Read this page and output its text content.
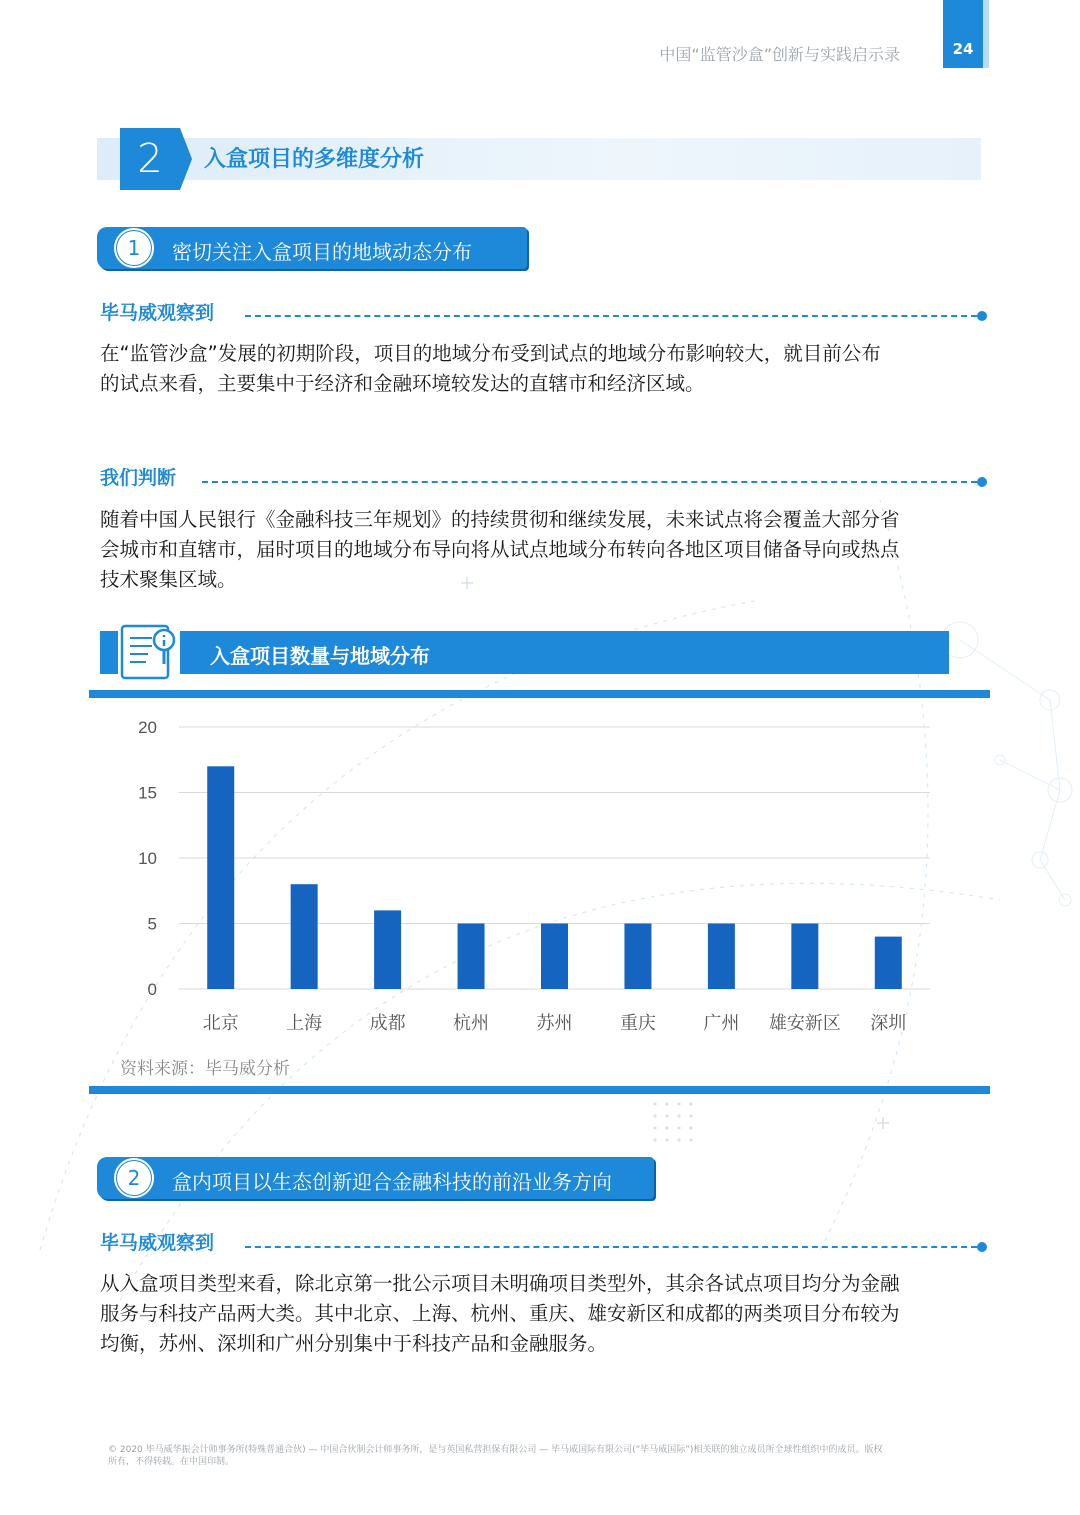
中国“监管沙盒”创新与实践启示录	24
2	入盒项目的多维度分析
1	密切关注入盒项目的地域动态分布
毕马威观察到
在“监管沙盒”发展的初期阶段，项目的地域分布受到试点的地域分布影响较大，就目前公布
的试点来看，主要集中于经济和金融环境较发达的直辖市和经济区域。
我们判断
随着中国人民银行《金融科技三年规划》的持续贯彻和继续发展，未来试点将会覆盖大部分省
会城市和直辖市，届时项目的地域分布导向将从试点地域分布转向各地区项目储备导向或热点
技术聚集区域。
入盒项目数量与地域分布
0
5
10
15
20
北京	上海	成都	杭州	苏州	重庆	广州 雄安新区 深圳
资料来源：毕马威分析
2	盒内项目以生态创新迎合金融科技的前沿业务方向
毕马威观察到
从入盒项目类型来看，除北京第一批公示项目未明确项目类型外，其余各试点项目均分为金融
服务与科技产品两大类。其中北京、上海、杭州、重庆、雄安新区和成都的两类项目分布较为
均衡，苏州、深圳和广州分别集中于科技产品和金融服务。
© 2020 毕马威华振会计师事务所(特殊普通合伙) — 中国合伙制会计师事务所，是与英国私营担保有限公司 — 毕马威国际有限公司(“毕马威国际”)相关联的独立成员所全球性组织中的成员。版权
所有，不得转载。在中国印制。
